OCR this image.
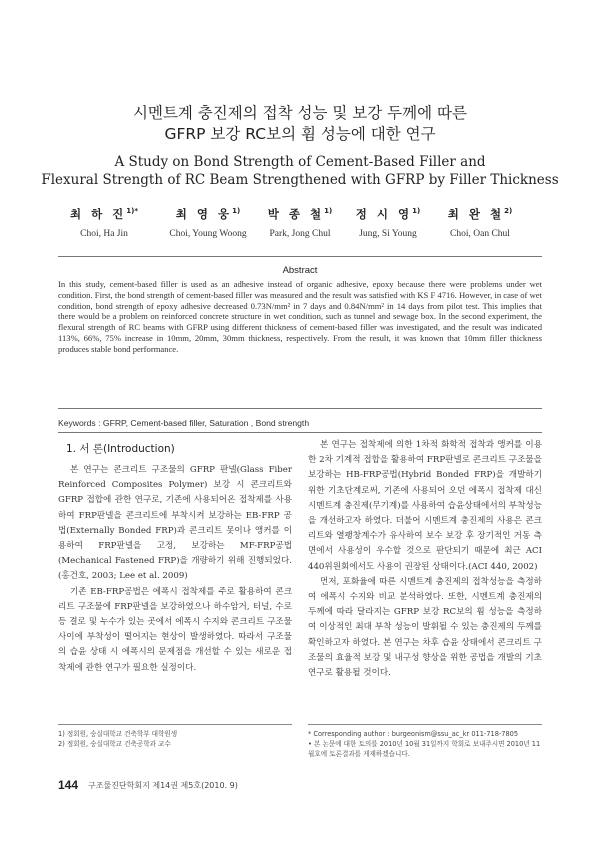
시멘트계 충진제의 접착 성능 및 보강 두께에 따른
GFRP 보강 RC보의 휨 성능에 대한 연구
A Study on Bond Strength of Cement-Based Filler and
Flexural Strength of RC Beam Strengthened with GFRP by Filler Thickness
최 하 진$^{1)*}$
Choi, Ha Jin
최 영 웅$^{1)}$
Choi, Young Woong
박 종 철$^{1)}$
Park, Jong Chul
정 시 영$^{1)}$
Jung, Si Young
최 완 철$^{2)}$
Choi, Oan Chul
Abstract
In this study, cement-based filler is used as an adhesive instead of organic adhesive, epoxy because there were problems under wet condition. First, the bond strength of cement-based filler was measured and the result was satisfied with KS F 4716. However, in case of wet condition, bond strength of epoxy adhesive decreased 0.73N/mm² in 7 days and 0.84N/mm² in 14 days from pilot test. This implies that there would be a problem on reinforced concrete structure in wet condition, such as tunnel and sewage box. In the second experiment, the flexural strength of RC beams with GFRP using different thickness of cement-based filler was investigated, and the result was indicated 113%, 66%, 75% increase in 10mm, 20mm, 30mm thickness, respectively. From the result, it was known that 10mm filler thickness produces stable bond performance.
Keywords : GFRP, Cement-based filler, Saturation , Bond strength
1. 서 론(Introduction)

본 연구는 콘크리트 구조물의 GFRP 판넬(Glass Fiber Reinforced Composites Polymer) 보강 시 콘크리트와 GFRP 접합에 관한 연구로, 기존에 사용되어온 접착제를 사용하여 FRP판넬을 콘크리트에 부착시켜 보강하는 EB-FRP 공법(Externally Bonded FRP)과 콘크리트 못이나 앵커를 이용하여 FRP판넬을 고정, 보강하는 MF-FRP공법(Mechanical Fastened FRP)을 개량하기 위해 진행되었다. (홍건호, 2003; Lee et al. 2009)

기존 EB-FRP공법은 에폭시 접착제를 주로 활용하여 콘크리트 구조물에 FRP판넬을 보강하였으나 하수암거, 터널, 수로 등 결로 및 누수가 있는 곳에서 에폭시 수지와 콘크리트 구조물 사이에 부착성이 떨어지는 현상이 발생하였다. 따라서 구조물의 습윤 상태 시 에폭시의 문제점을 개선할 수 있는 새로운 접착제에 관한 연구가 필요한 실정이다.

본 연구는 접착제에 의한 1차적 화학적 접착과 앵커를 이용한 2차 기계적 접합을 활용하여 FRP판넬로 콘크리트 구조물을 보강하는 HB-FRP공법(Hybrid Bonded FRP)을 개발하기 위한 기초단계로써, 기존에 사용되어 오던 에폭시 접착제 대신 시멘트계 충진제(무기계)를 사용하여 습윤상태에서의 부착성능을 개선하고자 하였다. 더불어 시멘트계 충진제의 사용은 콘크리트와 열팽창계수가 유사하여 보수 보강 후 장기적인 거동 측면에서 사용성이 우수할 것으로 판단되기 때문에 최근 ACI 440위원회에서도 사용이 권장된 상태이다.(ACI 440, 2002)

먼저, 포화율에 따른 시멘트계 충진제의 접착성능을 측정하여 에폭시 수지와 비교 분석하였다. 또한, 시멘트계 충진제의 두께에 따라 달라지는 GFRP 보강 RC보의 휨 성능을 측정하여 이상적인 최대 부착 성능이 발휘될 수 있는 충진제의 두께를 확인하고자 하였다. 본 연구는 차후 습윤 상태에서 콘크리트 구조물의 효율적 보강 및 내구성 향상을 위한 공법을 개발의 기초 연구로 활용될 것이다.

1) 정회원, 숭실대학교 건축학부 대학원생
2) 정회원, 숭실대학교 건축공학과 교수
* Corresponding author : burgeonism@ssu_ac_kr 011-718-7805
• 본 논문에 대한 토의를 2010년 10월 31일까지 학회로 보내주시면 2010년 11월호에 토론결과를 게재하겠습니다.
144 구조물진단학회지 제14권 제5호(2010. 9)
